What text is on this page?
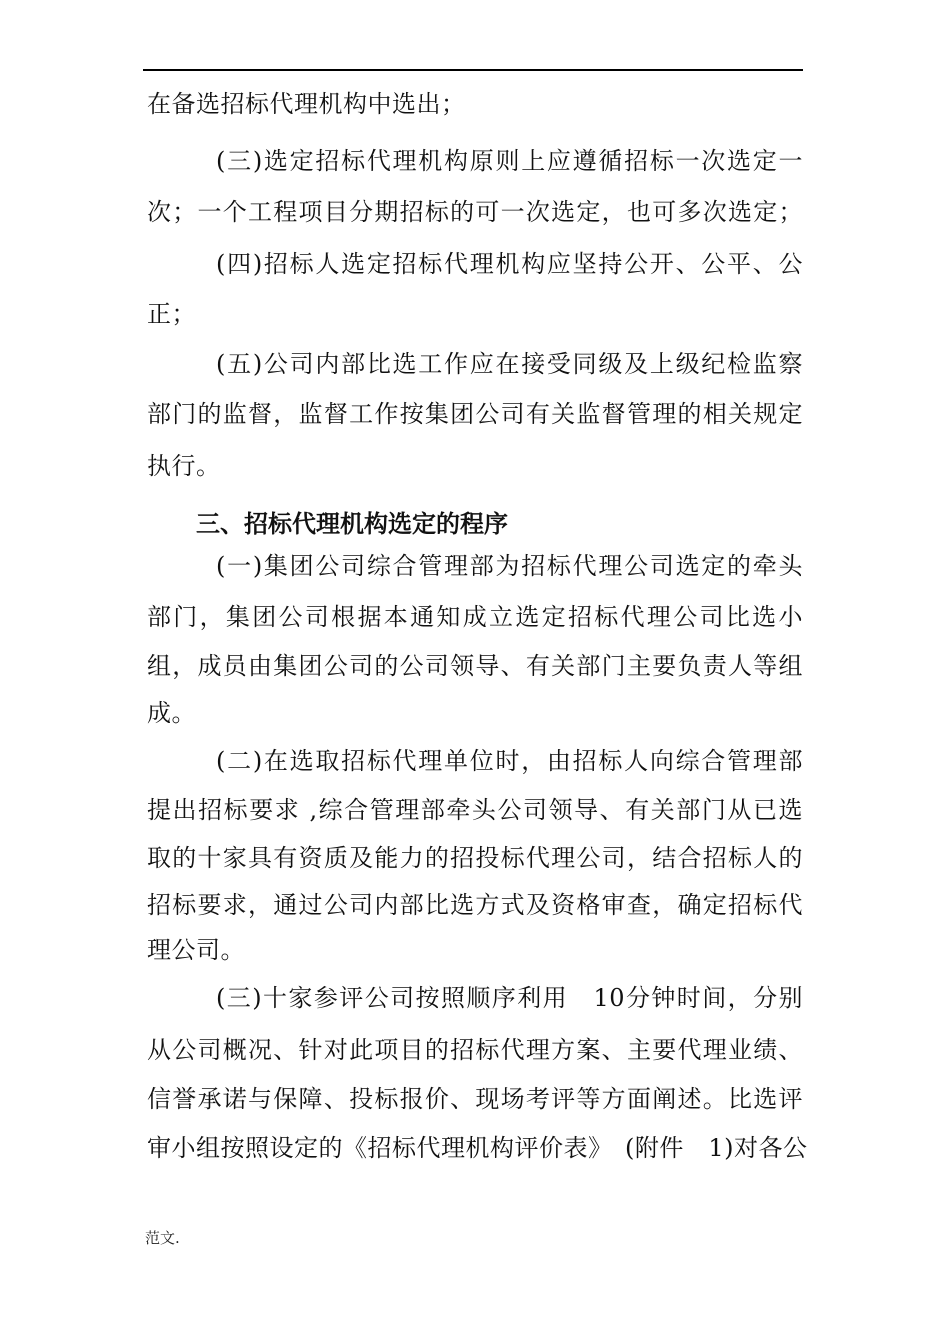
在备选招标代理机构中选出；
(三)选定招标代理机构原则上应遵循招标一次选定一
次；一个工程项目分期招标的可一次选定，也可多次选定；
(四)招标人选定招标代理机构应坚持公开、公平、公
正；
(五)公司内部比选工作应在接受同级及上级纪检监察
部门的监督，监督工作按集团公司有关监督管理的相关规定
执行。
三、招标代理机构选定的程序
(一)集团公司综合管理部为招标代理公司选定的牵头
部门，集团公司根据本通知成立选定招标代理公司比选小
组，成员由集团公司的公司领导、有关部门主要负责人等组
成。
(二)在选取招标代理单位时，由招标人向综合管理部
提出招标要求 ,综合管理部牵头公司领导、有关部门从已选
取的十家具有资质及能力的招投标代理公司，结合招标人的
招标要求，通过公司内部比选方式及资格审查，确定招标代
理公司。
(三)十家参评公司按照顺序利用　10分钟时间，分别
从公司概况、针对此项目的招标代理方案、主要代理业绩、
信誉承诺与保障、投标报价、现场考评等方面阐述。比选评
审小组按照设定的《招标代理机构评价表》　(附件　1)对各公
范文.
